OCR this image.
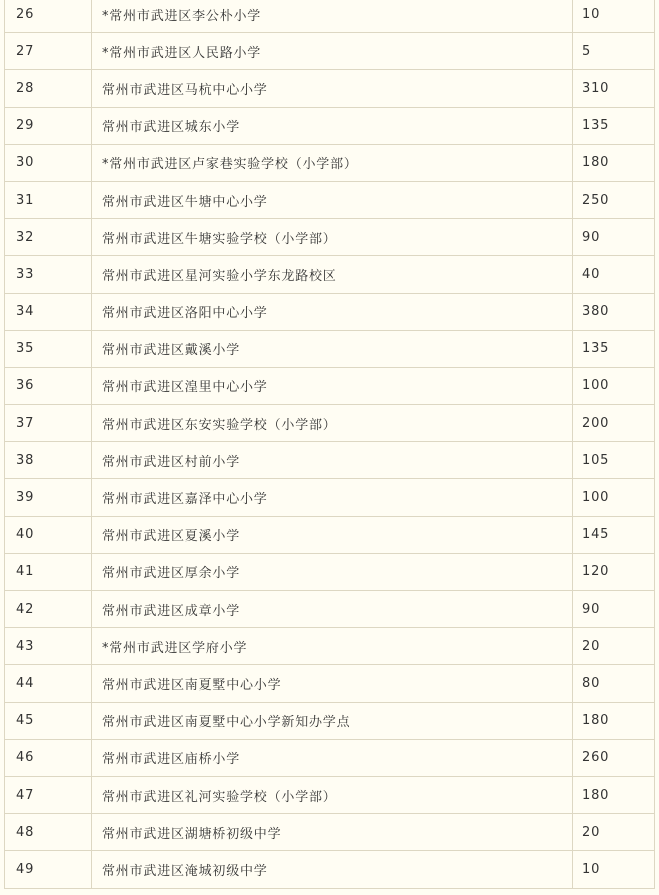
26	*常州市武进区李公朴小学	10
27	*常州市武进区人民路小学	5
28	常州市武进区马杭中心小学	310
29	常州市武进区城东小学	135
30	*常州市武进区卢家巷实验学校（小学部）	180
31	常州市武进区牛塘中心小学	250
32	常州市武进区牛塘实验学校（小学部）	90
33	常州市武进区星河实验小学东龙路校区	40
34	常州市武进区洛阳中心小学	380
35	常州市武进区戴溪小学	135
36	常州市武进区湟里中心小学	100
37	常州市武进区东安实验学校（小学部）	200
38	常州市武进区村前小学	105
39	常州市武进区嘉泽中心小学	100
40	常州市武进区夏溪小学	145
41	常州市武进区厚余小学	120
42	常州市武进区成章小学	90
43	*常州市武进区学府小学	20
44	常州市武进区南夏墅中心小学	80
45	常州市武进区南夏墅中心小学新知办学点	180
46	常州市武进区庙桥小学	260
47	常州市武进区礼河实验学校（小学部）	180
48	常州市武进区湖塘桥初级中学	20
49	常州市武进区淹城初级中学	10
